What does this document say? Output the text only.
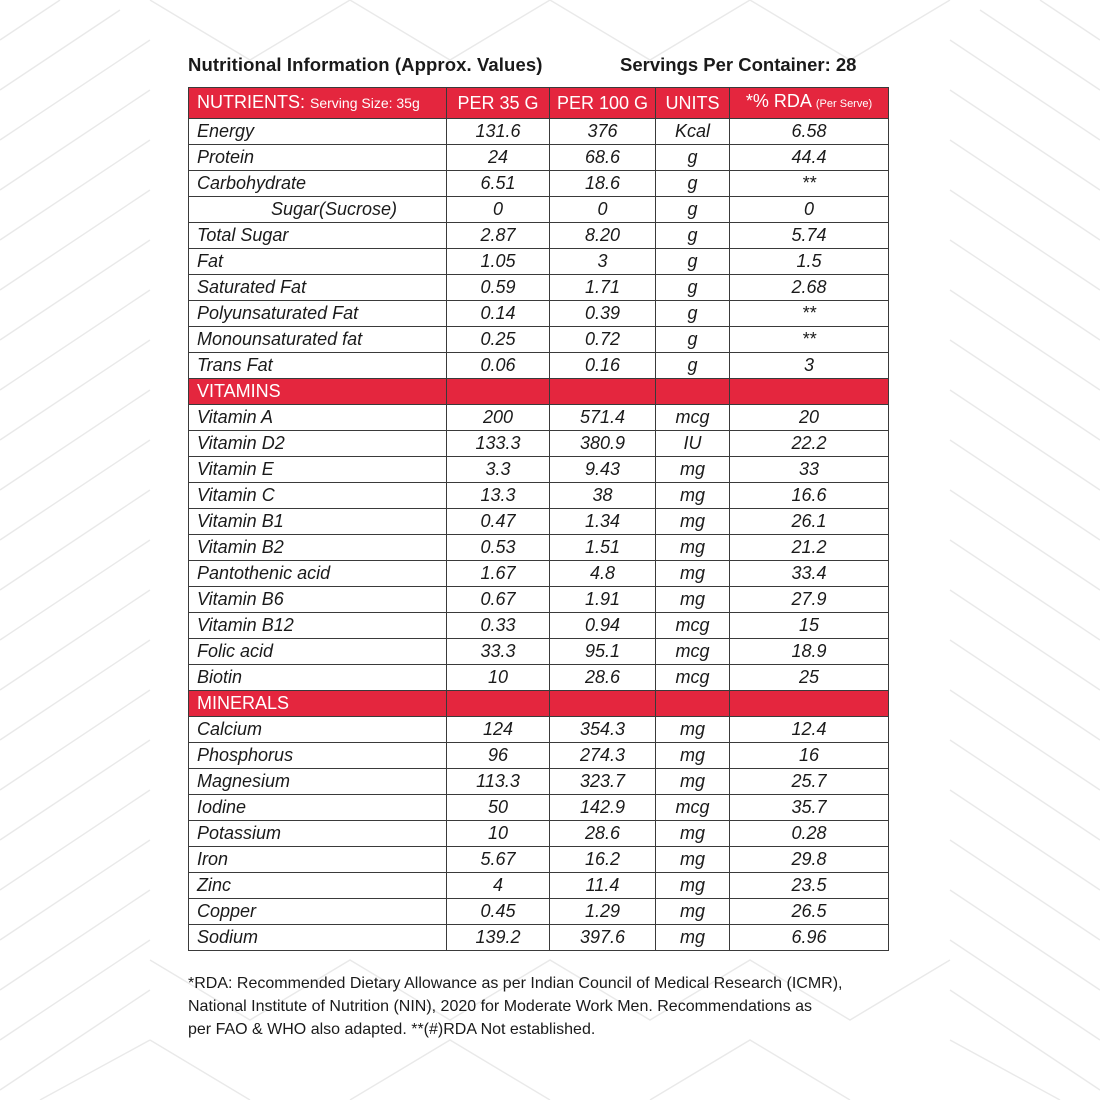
Nutritional Information (Approx. Values)	Servings Per Container: 28
NUTRIENTS: Serving Size: 35g	PER 35 G	PER 100 G	UNITS	*% RDA (Per Serve)
Energy	131.6	376	Kcal	6.58
Protein	24	68.6	g	44.4
Carbohydrate	6.51	18.6	g	**
Sugar(Sucrose)	0	0	g	0
Total Sugar	2.87	8.20	g	5.74
Fat	1.05	3	g	1.5
Saturated Fat	0.59	1.71	g	2.68
Polyunsaturated Fat	0.14	0.39	g	**
Monounsaturated fat	0.25	0.72	g	**
Trans Fat	0.06	0.16	g	3
VITAMINS				
Vitamin A	200	571.4	mcg	20
Vitamin D2	133.3	380.9	IU	22.2
Vitamin E	3.3	9.43	mg	33
Vitamin C	13.3	38	mg	16.6
Vitamin B1	0.47	1.34	mg	26.1
Vitamin B2	0.53	1.51	mg	21.2
Pantothenic acid	1.67	4.8	mg	33.4
Vitamin B6	0.67	1.91	mg	27.9
Vitamin B12	0.33	0.94	mcg	15
Folic acid	33.3	95.1	mcg	18.9
Biotin	10	28.6	mcg	25
MINERALS				
Calcium	124	354.3	mg	12.4
Phosphorus	96	274.3	mg	16
Magnesium	113.3	323.7	mg	25.7
Iodine	50	142.9	mcg	35.7
Potassium	10	28.6	mg	0.28
Iron	5.67	16.2	mg	29.8
Zinc	4	11.4	mg	23.5
Copper	0.45	1.29	mg	26.5
Sodium	139.2	397.6	mg	6.96
*RDA: Recommended Dietary Allowance as per Indian Council of Medical Research (ICMR),
National Institute of Nutrition (NIN), 2020 for Moderate Work Men. Recommendations as
per FAO & WHO also adapted. **(#)RDA Not established.
